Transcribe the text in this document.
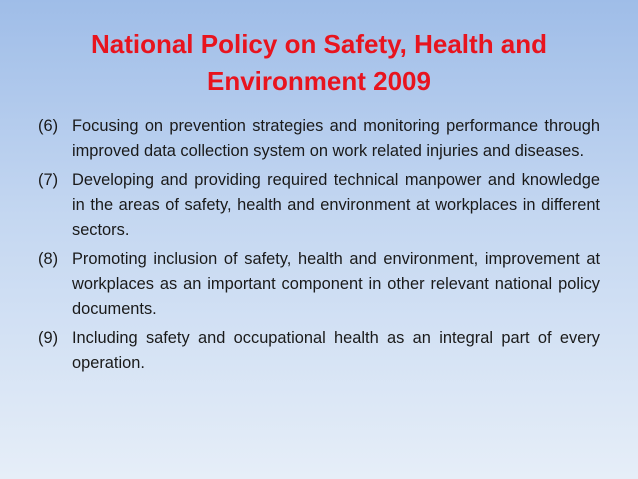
National Policy on Safety, Health and
Environment 2009
(6) Focusing on prevention strategies and monitoring performance through improved data collection system on work related injuries and diseases.
(7) Developing and providing required technical manpower and knowledge in the areas of safety, health and environment at workplaces in different sectors.
(8) Promoting inclusion of safety, health and environment, improvement at workplaces as an important component in other relevant national policy documents.
(9) Including safety and occupational health as an integral part of every operation.
